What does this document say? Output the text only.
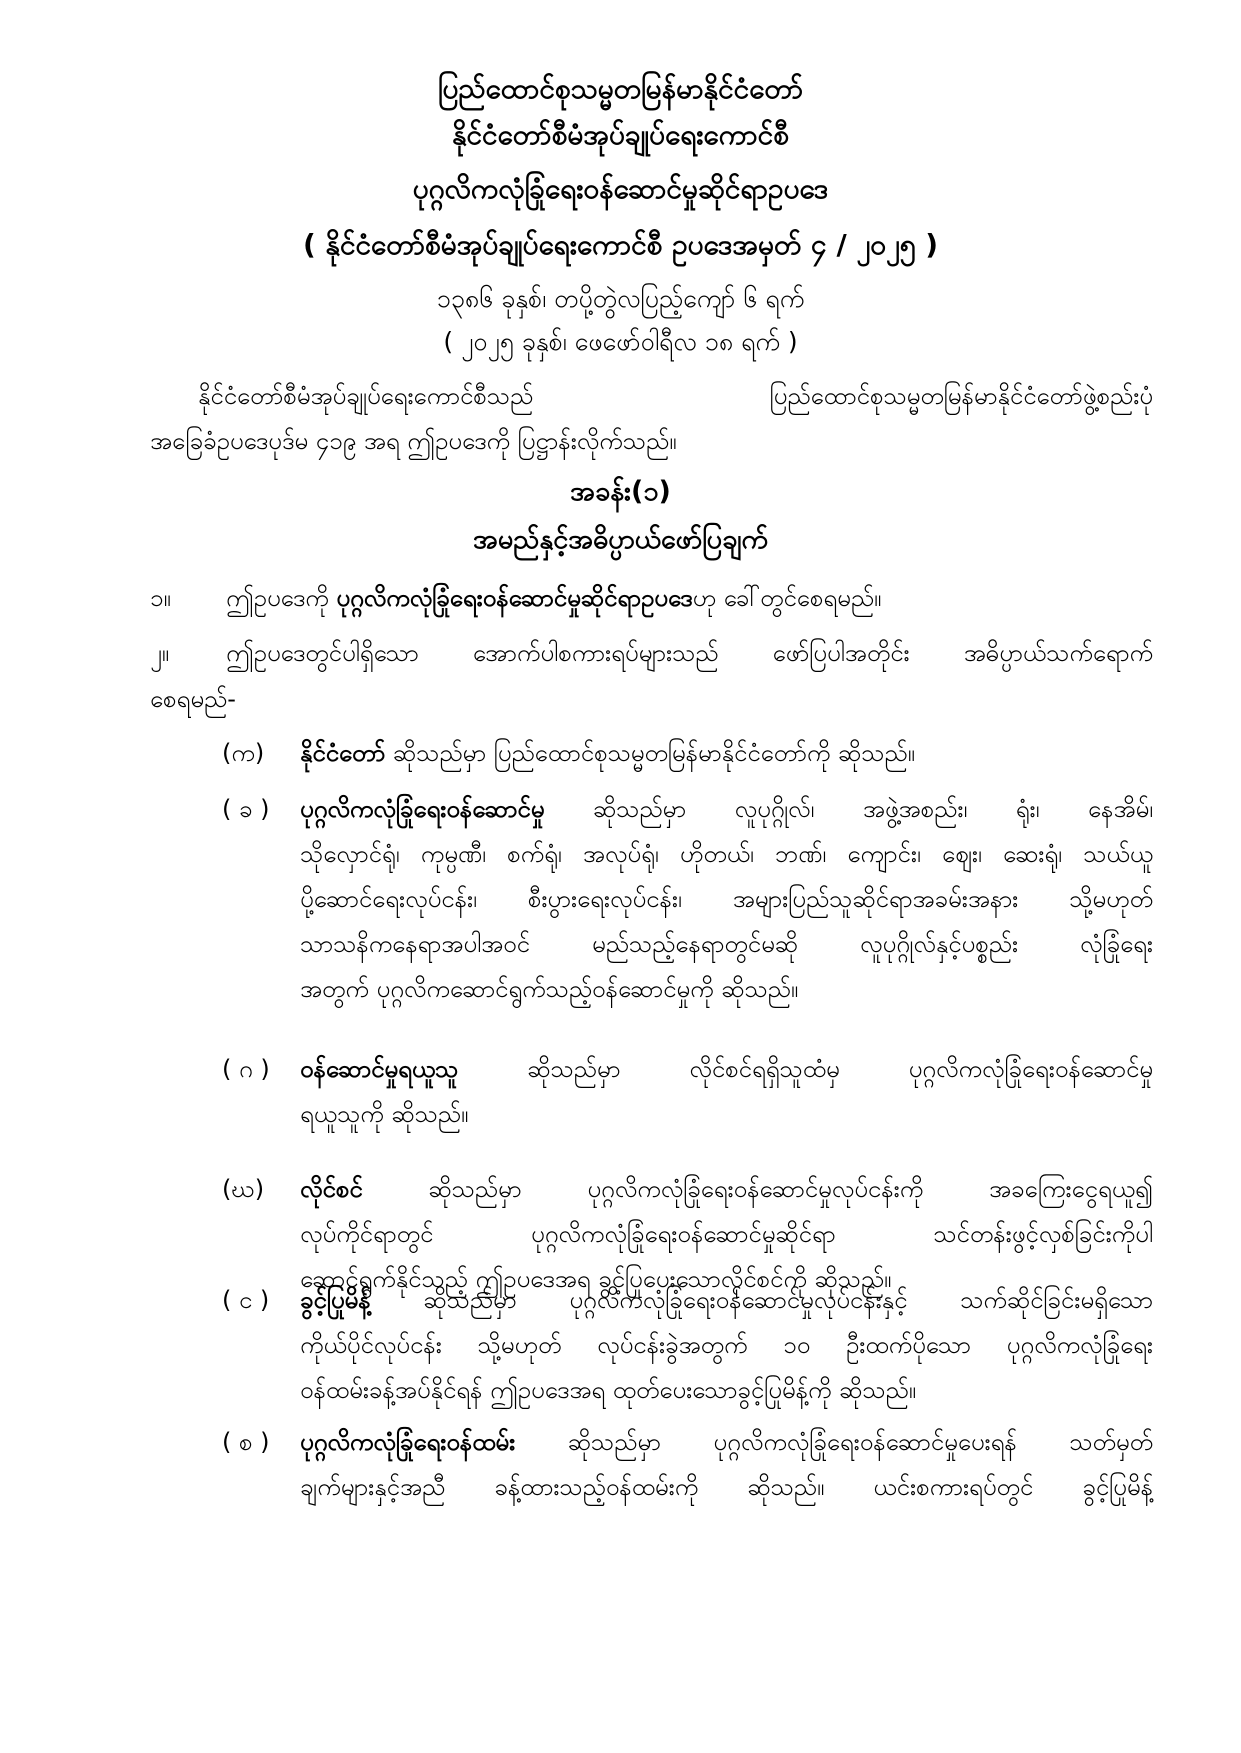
ပြည်ထောင်စုသမ္မတမြန်မာနိုင်ငံတော်
နိုင်ငံတော်စီမံအုပ်ချုပ်ရေးကောင်စီ
ပုဂ္ဂလိကလုံခြုံရေးဝန်ဆောင်မှုဆိုင်ရာဥပဒေ
( နိုင်ငံတော်စီမံအုပ်ချုပ်ရေးကောင်စီ ဥပဒေအမှတ် ၄ / ၂၀၂၅ )
၁၃၈၆ ခုနှစ်၊ တပို့တွဲလပြည့်ကျော် ၆ ရက်
( ၂၀၂၅ ခုနှစ်၊ ဖေဖော်ဝါရီလ ၁၈ ရက် )
နိုင်ငံတော်စီမံအုပ်ချုပ်ရေးကောင်စီသည် ပြည်ထောင်စုသမ္မတမြန်မာနိုင်ငံတော်ဖွဲ့စည်းပုံ
အခြေခံဥပဒေပုဒ်မ ၄၁၉ အရ ဤဥပဒေကို ပြဋ္ဌာန်းလိုက်သည်။
အခန်း(၁)
အမည်နှင့်အဓိပ္ပာယ်ဖော်ပြချက်
၁။ ဤဥပဒေကို ပုဂ္ဂလိကလုံခြုံရေးဝန်ဆောင်မှုဆိုင်ရာဥပဒေဟု ခေါ်တွင်စေရမည်။
၂။ ဤဥပဒေတွင်ပါရှိသော အောက်ပါစကားရပ်များသည် ဖော်ပြပါအတိုင်း အဓိပ္ပာယ်သက်ရောက်
စေရမည်-
(က) နိုင်ငံတော် ဆိုသည်မှာ ပြည်ထောင်စုသမ္မတမြန်မာနိုင်ငံတော်ကို ဆိုသည်။
( ခ ) ပုဂ္ဂလိကလုံခြုံရေးဝန်ဆောင်မှု ဆိုသည်မှာ လူပုဂ္ဂိုလ်၊ အဖွဲ့အစည်း၊ ရုံး၊ နေအိမ်၊
သိုလှောင်ရုံ၊ ကုမ္ပဏီ၊ စက်ရုံ၊ အလုပ်ရုံ၊ ဟိုတယ်၊ ဘဏ်၊ ကျောင်း၊ ဈေး၊ ဆေးရုံ၊ သယ်ယူ
ပို့ဆောင်ရေးလုပ်ငန်း၊ စီးပွားရေးလုပ်ငန်း၊ အများပြည်သူဆိုင်ရာအခမ်းအနား သို့မဟုတ်
သာသနိကနေရာအပါအဝင် မည်သည့်နေရာတွင်မဆို လူပုဂ္ဂိုလ်နှင့်ပစ္စည်း လုံခြုံရေး
အတွက် ပုဂ္ဂလိကဆောင်ရွက်သည့်ဝန်ဆောင်မှုကို ဆိုသည်။
( ဂ ) ဝန်ဆောင်မှုရယူသူ ဆိုသည်မှာ လိုင်စင်ရရှိသူထံမှ ပုဂ္ဂလိကလုံခြုံရေးဝန်ဆောင်မှု
ရယူသူကို ဆိုသည်။
(ဃ) လိုင်စင် ဆိုသည်မှာ ပုဂ္ဂလိကလုံခြုံရေးဝန်ဆောင်မှုလုပ်ငန်းကို အခကြေးငွေရယူ၍
လုပ်ကိုင်ရာတွင် ပုဂ္ဂလိကလုံခြုံရေးဝန်ဆောင်မှုဆိုင်ရာ သင်တန်းဖွင့်လှစ်ခြင်းကိုပါ
ဆောင်ရွက်နိုင်သည့် ဤဥပဒေအရ ခွင့်ပြုပေးသောလိုင်စင်ကို ဆိုသည်။
( င ) ခွင့်ပြုမိန့် ဆိုသည်မှာ ပုဂ္ဂလိကလုံခြုံရေးဝန်ဆောင်မှုလုပ်ငန်းနှင့် သက်ဆိုင်ခြင်းမရှိသော
ကိုယ်ပိုင်လုပ်ငန်း သို့မဟုတ် လုပ်ငန်းခွဲအတွက် ၁၀ ဦးထက်ပိုသော ပုဂ္ဂလိကလုံခြုံရေး
ဝန်ထမ်းခန့်အပ်နိုင်ရန် ဤဥပဒေအရ ထုတ်ပေးသောခွင့်ပြုမိန့်ကို ဆိုသည်။
( စ ) ပုဂ္ဂလိကလုံခြုံရေးဝန်ထမ်း ဆိုသည်မှာ ပုဂ္ဂလိကလုံခြုံရေးဝန်ဆောင်မှုပေးရန် သတ်မှတ်
ချက်များနှင့်အညီ ခန့်ထားသည့်ဝန်ထမ်းကို ဆိုသည်။ ယင်းစကားရပ်တွင် ခွင့်ပြုမိန့်
